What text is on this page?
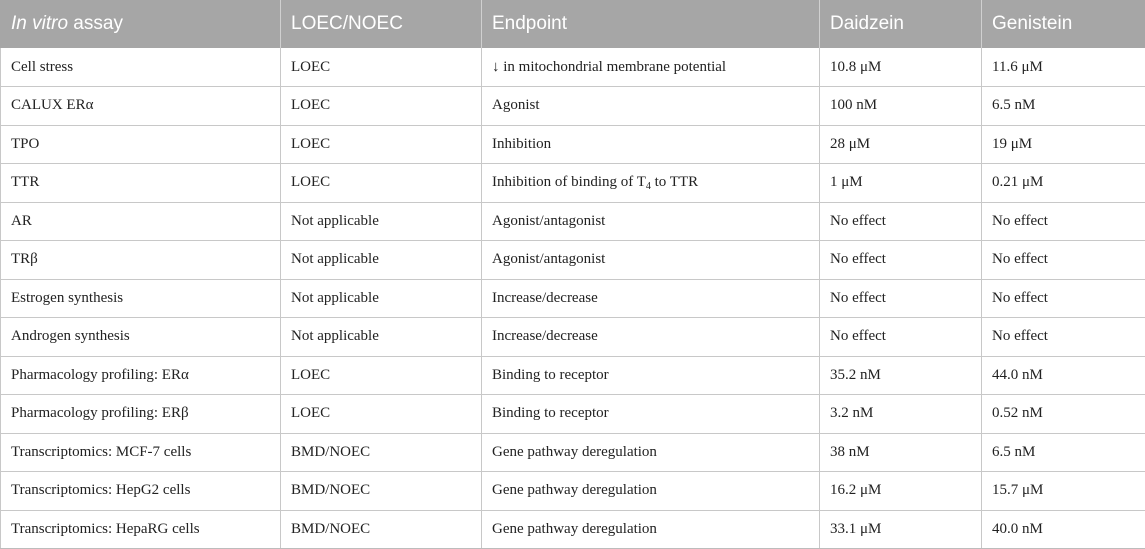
In vitro assay	LOEC/NOEC	Endpoint	Daidzein	Genistein
Cell stress	LOEC	↓ in mitochondrial membrane potential	10.8 μM	11.6 μM
CALUX ERα	LOEC	Agonist	100 nM	6.5 nM
TPO	LOEC	Inhibition	28 μM	19 μM
TTR	LOEC	Inhibition of binding of $T_4$ to TTR	1 μM	0.21 μM
AR	Not applicable	Agonist/antagonist	No effect	No effect
TRβ	Not applicable	Agonist/antagonist	No effect	No effect
Estrogen synthesis	Not applicable	Increase/decrease	No effect	No effect
Androgen synthesis	Not applicable	Increase/decrease	No effect	No effect
Pharmacology profiling: ERα	LOEC	Binding to receptor	35.2 nM	44.0 nM
Pharmacology profiling: ERβ	LOEC	Binding to receptor	3.2 nM	0.52 nM
Transcriptomics: MCF-7 cells	BMD/NOEC	Gene pathway deregulation	38 nM	6.5 nM
Transcriptomics: HepG2 cells	BMD/NOEC	Gene pathway deregulation	16.2 μM	15.7 μM
Transcriptomics: HepaRG cells	BMD/NOEC	Gene pathway deregulation	33.1 μM	40.0 nM
